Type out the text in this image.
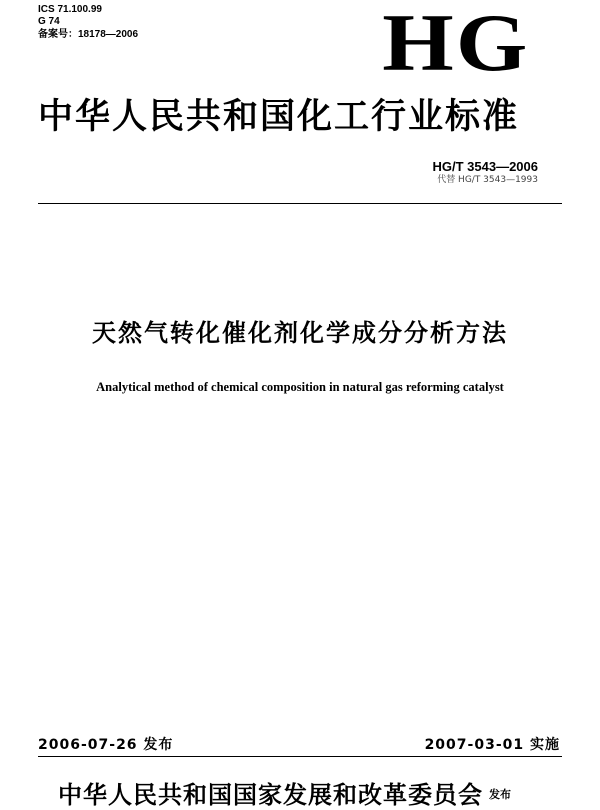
ICS 71.100.99
G 74
备案号：18178—2006	HG
中华人民共和国化工行业标准
HG/T 3543—2006
代替 HG/T 3543—1993
天然气转化催化剂化学成分分析方法
Analytical method of chemical composition in natural gas reforming catalyst
2006-07-26 发布	2007-03-01 实施
中华人民共和国国家发展和改革委员会 $^{发布}$
